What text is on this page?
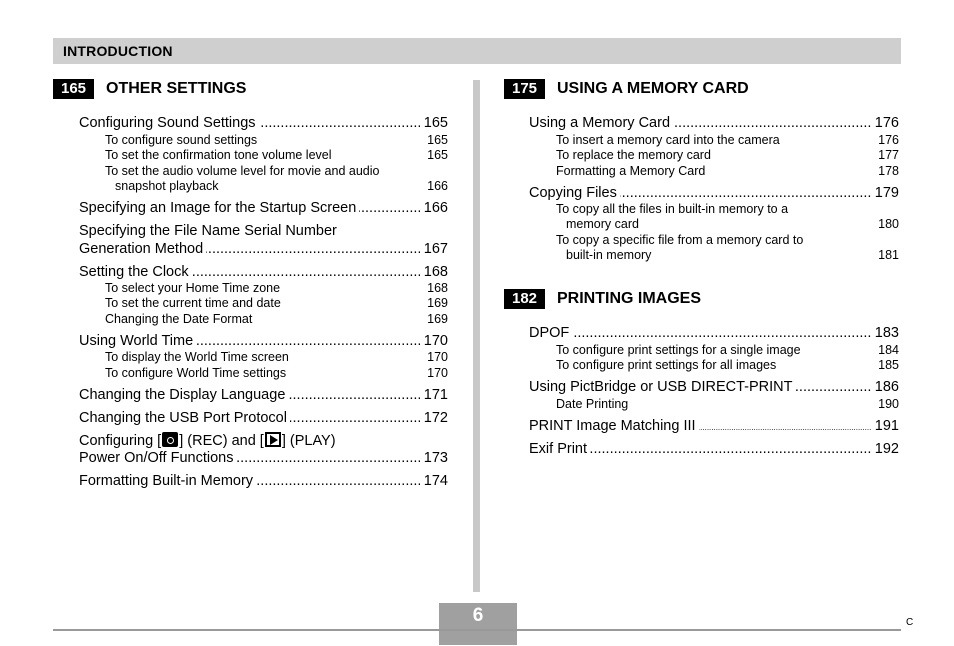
INTRODUCTION
165	OTHER SETTINGS
.....
Configuring Sound Settings	165
To configure sound settings	165
To set the confirmation tone volume level	165
To set the audio volume level for movie and audio
snapshot playback	166
.....
Specifying an Image for the Startup Screen	166
Specifying the File Name Serial Number
.....
Generation Method	167
.....
Setting the Clock	168
To select your Home Time zone	168
To set the current time and date	169
Changing the Date Format	169
.....
Using World Time	170
To display the World Time screen	170
To configure World Time settings	170
.....
Changing the Display Language	171
.....
Changing the USB Port Protocol	172
Configuring [ ] (REC) and [ ] (PLAY)
.....
Power On/Off Functions	173
.....
Formatting Built-in Memory	174
175	USING A MEMORY CARD
.....
Using a Memory Card	176
To insert a memory card into the camera	176
To replace the memory card	177
Formatting a Memory Card	178
.....
Copying Files	179
To copy all the files in built-in memory to a
memory card	180
To copy a specific file from a memory card to
built-in memory	181
182	PRINTING IMAGES
.....
DPOF	183
To configure print settings for a single image	184
To configure print settings for all images	185
.....
Using PictBridge or USB DIRECT-PRINT	186
Date Printing	190
.....
PRINT Image Matching III	191
.....
Exif Print	192
6	C
